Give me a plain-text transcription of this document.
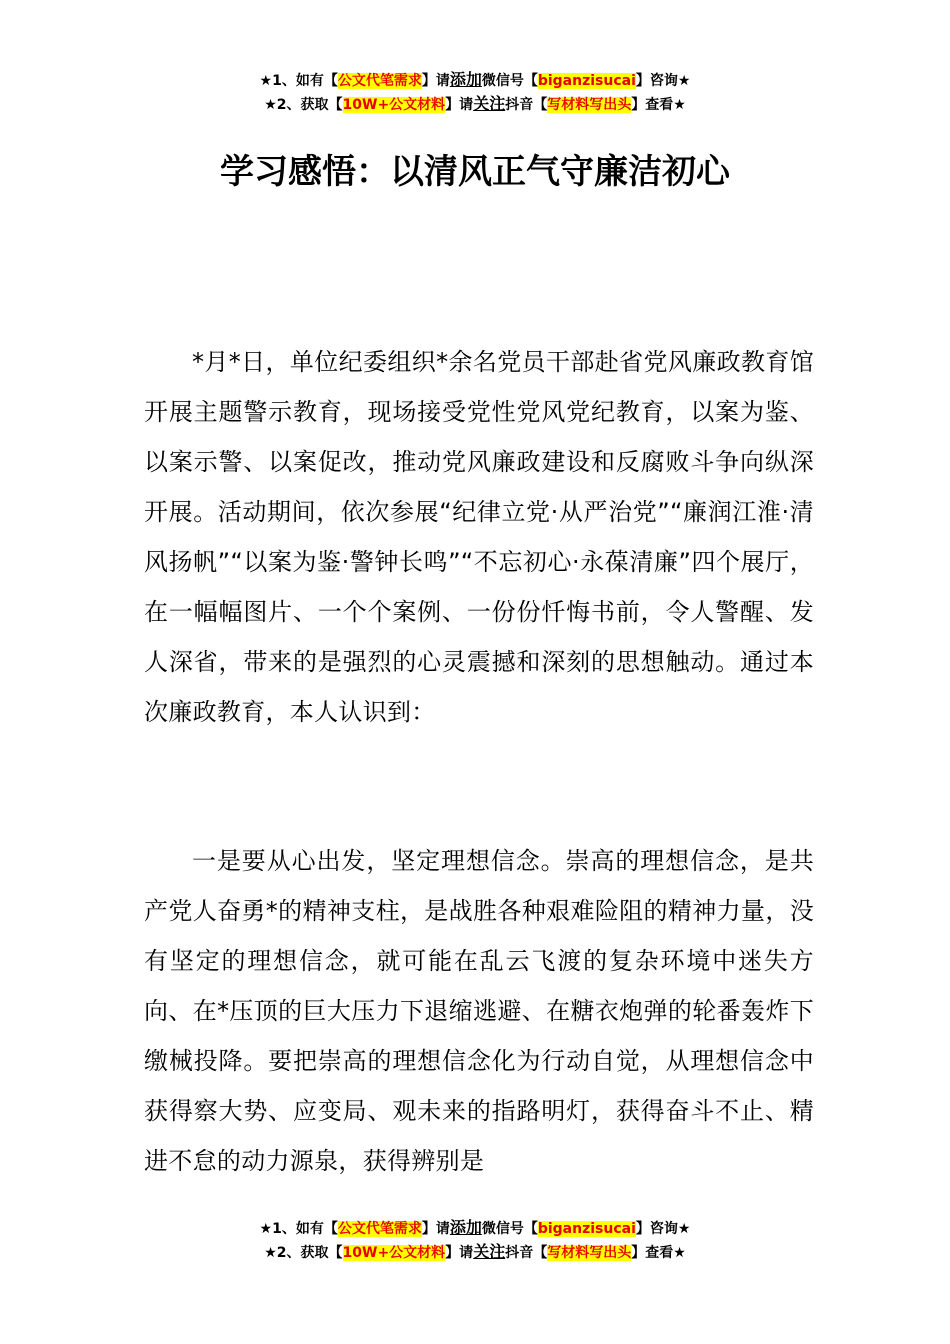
★1、如有【公文代笔需求】请添加微信号【biganzisucai】咨询★
★2、获取【10W+公文材料】请关注抖音【写材料写出头】查看★
学习感悟：以清风正气守廉洁初心

*月*日，单位纪委组织*余名党员干部赴省党风廉政教育馆开展主题警示教育，现场接受党性党风党纪教育，以案为鉴、以案示警、以案促改，推动党风廉政建设和反腐败斗争向纵深开展。活动期间，依次参展“纪律立党·从严治党”“廉润江淮·清风扬帆”“以案为鉴·警钟长鸣”“不忘初心·永葆清廉”四个展厅，在一幅幅图片、一个个案例、一份份忏悔书前，令人警醒、发人深省，带来的是强烈的心灵震撼和深刻的思想触动。通过本次廉政教育，本人认识到：

一是要从心出发，坚定理想信念。崇高的理想信念，是共产党人奋勇*的精神支柱，是战胜各种艰难险阻的精神力量，没有坚定的理想信念，就可能在乱云飞渡的复杂环境中迷失方向、在*压顶的巨大压力下退缩逃避、在糖衣炮弹的轮番轰炸下缴械投降。要把崇高的理想信念化为行动自觉，从理想信念中获得察大势、应变局、观未来的指路明灯，获得奋斗不止、精进不怠的动力源泉，获得辨别是

★1、如有【公文代笔需求】请添加微信号【biganzisucai】咨询★
★2、获取【10W+公文材料】请关注抖音【写材料写出头】查看★
